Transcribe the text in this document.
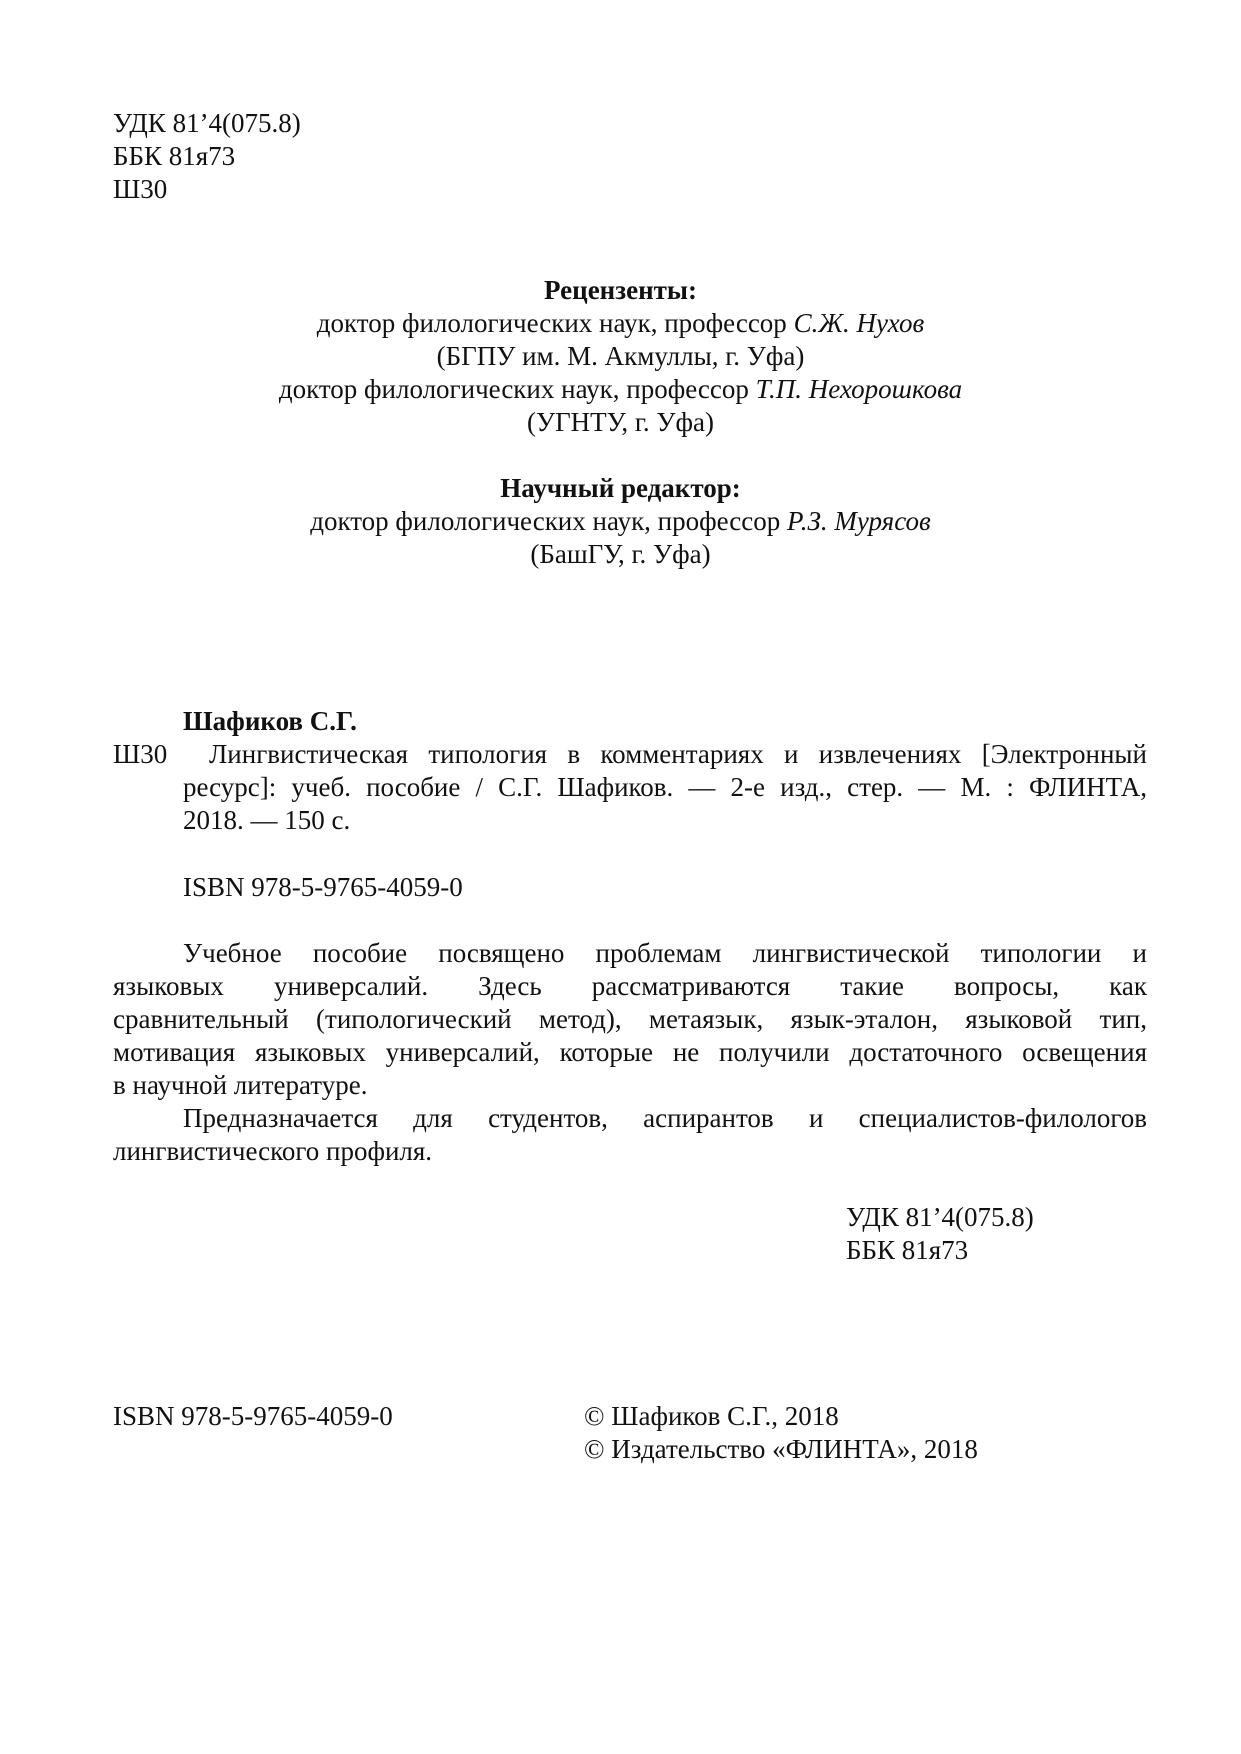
УДК 81’4(075.8)
ББК 81я73
Ш30
Рецензенты:
доктор филологических наук, профессор С.Ж. Нухов
(БГПУ им. М. Акмуллы, г. Уфа)
доктор филологических наук, профессор Т.П. Нехорошкова
(УГНТУ, г. Уфа)
Научный редактор:
доктор филологических наук, профессор Р.З. Мурясов
(БашГУ, г. Уфа)
Шафиков С.Г.
Ш30 Лингвистическая типология в комментариях и извлечениях [Электронный
ресурс]: учеб. пособие / С.Г. Шафиков. — 2-е изд., стер. — М. : ФЛИНТА,
2018. — 150 с.
ISBN 978-5-9765-4059-0
Учебное пособие посвящено проблемам лингвистической типологии и
языковых универсалий. Здесь рассматриваются такие вопросы, как
сравнительный (типологический метод), метаязык, язык-эталон, языковой тип,
мотивация языковых универсалий, которые не получили достаточного освещения
в научной литературе.
Предназначается для студентов, аспирантов и специалистов-филологов
лингвистического профиля.
УДК 81’4(075.8)
ББК 81я73
ISBN 978-5-9765-4059-0	© Шафиков С.Г., 2018
© Издательство «ФЛИНТА», 2018
